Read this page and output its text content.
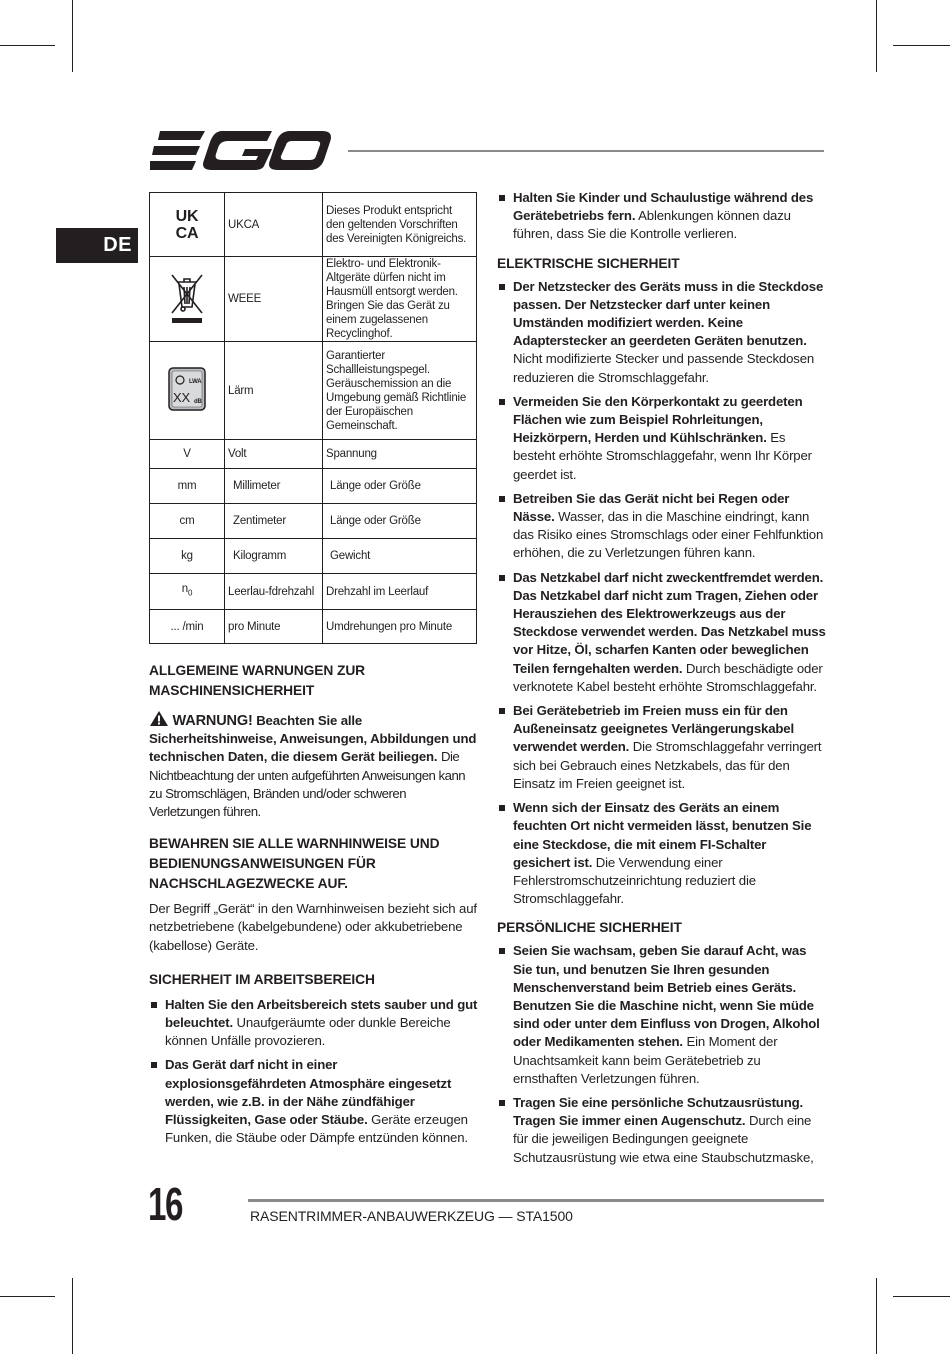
DE
UK
CA	UKCA	Dieses Produkt entspricht den geltenden Vorschriften des Vereinigten Königreichs.
	WEEE	Elektro- und Elektronik-Altgeräte dürfen nicht im Hausmüll entsorgt werden. Bringen Sie das Gerät zu einem zugelassenen Recyclinghof.

LWA
XX dB	Lärm	Garantierter Schallleistungspegel. Geräuschemission an die Umgebung gemäß Richtlinie der Europäischen Gemeinschaft.
V	Volt	Spannung
mm	Millimeter	Länge oder Größe
cm	Zentimeter	Länge oder Größe
kg	Kilogramm	Gewicht
$n_0$	Leerlau-fdrehzahl	Drehzahl im Leerlauf
... /min	pro Minute	Umdrehungen pro Minute

ALLGEMEINE WARNUNGEN ZUR MASCHINENSICHERHEIT

WARNUNG! Beachten Sie alle Sicherheitshinweise, Anweisungen, Abbildungen und technischen Daten, die diesem Gerät beiliegen. Die Nichtbeachtung der unten aufgeführten Anweisungen kann zu Stromschlägen, Bränden und/oder schweren Verletzungen führen.

BEWAHREN SIE ALLE WARNHINWEISE UND BEDIENUNGSANWEISUNGEN FÜR NACHSCHLAGEZWECKE AUF.

Der Begriff „Gerät“ in den Warnhinweisen bezieht sich auf netzbetriebene (kabelgebundene) oder akkubetriebene (kabellose) Geräte.

SICHERHEIT IM ARBEITSBEREICH

Halten Sie den Arbeitsbereich stets sauber und gut beleuchtet. Unaufgeräumte oder dunkle Bereiche können Unfälle provozieren.
Das Gerät darf nicht in einer explosionsgefährdeten Atmosphäre eingesetzt werden, wie z.B. in der Nähe zündfähiger Flüssigkeiten, Gase oder Stäube. Geräte erzeugen Funken, die Stäube oder Dämpfe entzünden können.
Halten Sie Kinder und Schaulustige während des Gerätebetriebs fern. Ablenkungen können dazu führen, dass Sie die Kontrolle verlieren.

ELEKTRISCHE SICHERHEIT

Der Netzstecker des Geräts muss in die Steckdose passen. Der Netzstecker darf unter keinen Umständen modifiziert werden. Keine Adapterstecker an geerdeten Geräten benutzen. Nicht modifizierte Stecker und passende Steckdosen reduzieren die Stromschlaggefahr.
Vermeiden Sie den Körperkontakt zu geerdeten Flächen wie zum Beispiel Rohrleitungen, Heizkörpern, Herden und Kühlschränken. Es besteht erhöhte Stromschlaggefahr, wenn Ihr Körper geerdet ist.
Betreiben Sie das Gerät nicht bei Regen oder Nässe. Wasser, das in die Maschine eindringt, kann das Risiko eines Stromschlags oder einer Fehlfunktion erhöhen, die zu Verletzungen führen kann.
Das Netzkabel darf nicht zweckentfremdet werden. Das Netzkabel darf nicht zum Tragen, Ziehen oder Herausziehen des Elektrowerkzeugs aus der Steckdose verwendet werden. Das Netzkabel muss vor Hitze, Öl, scharfen Kanten oder beweglichen Teilen ferngehalten werden. Durch beschädigte oder verknotete Kabel besteht erhöhte Stromschlaggefahr.
Bei Gerätebetrieb im Freien muss ein für den Außeneinsatz geeignetes Verlängerungskabel verwendet werden. Die Stromschlaggefahr verringert sich bei Gebrauch eines Netzkabels, das für den Einsatz im Freien geeignet ist.
Wenn sich der Einsatz des Geräts an einem feuchten Ort nicht vermeiden lässt, benutzen Sie eine Steckdose, die mit einem FI-Schalter gesichert ist. Die Verwendung einer Fehlerstromschutzeinrichtung reduziert die Stromschlaggefahr.

PERSÖNLICHE SICHERHEIT

Seien Sie wachsam, geben Sie darauf Acht, was Sie tun, und benutzen Sie Ihren gesunden Menschenverstand beim Betrieb eines Geräts. Benutzen Sie die Maschine nicht, wenn Sie müde sind oder unter dem Einfluss von Drogen, Alkohol oder Medikamenten stehen. Ein Moment der Unachtsamkeit kann beim Gerätebetrieb zu ernsthaften Verletzungen führen.
Tragen Sie eine persönliche Schutzausrüstung. Tragen Sie immer einen Augenschutz. Durch eine für die jeweiligen Bedingungen geeignete Schutzausrüstung wie etwa eine Staubschutzmaske,
16	RASENTRIMMER-ANBAUWERKZEUG — STA1500
